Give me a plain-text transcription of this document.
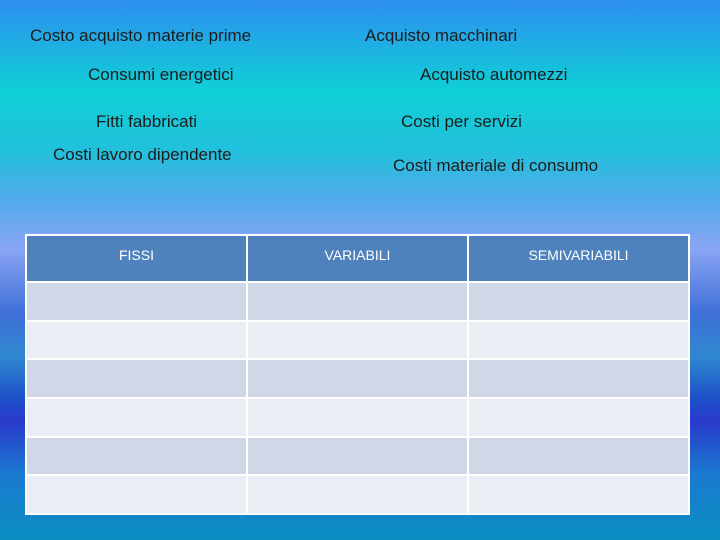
Costo acquisto materie prime
Consumi energetici
Fitti fabbricati
Costi lavoro dipendente
Acquisto macchinari
Acquisto automezzi
Costi per servizi
Costi materiale di consumo
FISSI	VARIABILI	SEMIVARIABILI
